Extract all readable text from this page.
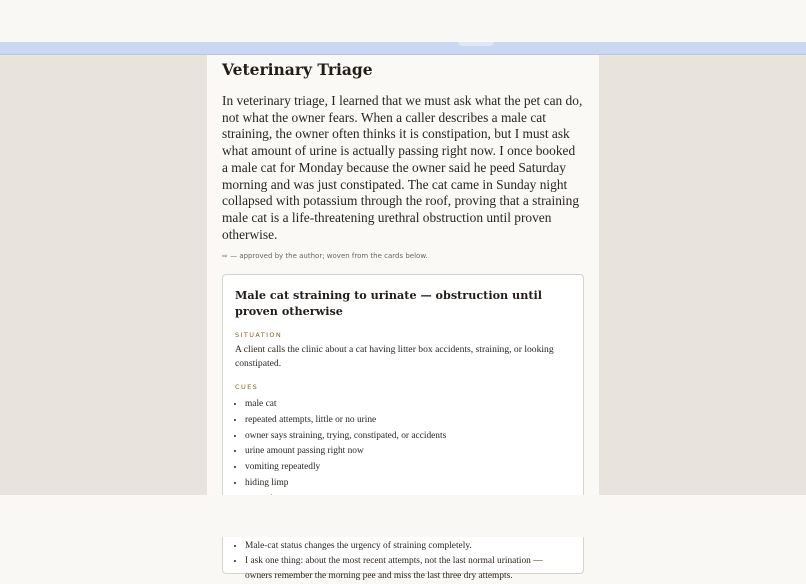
Veterinary Triage

In veterinary triage, I learned that we must ask what the pet can do, not what the owner fears. When a caller describes a male cat straining, the owner often thinks it is constipation, but I must ask what amount of urine is actually passing right now. I once booked a male cat for Monday because the owner said he peed Saturday morning and was just constipated. The cat came in Sunday night collapsed with potassium through the roof, proving that a straining male cat is a life-threatening urethral obstruction until proven otherwise.

⇨ — approved by the author; woven from the cards below.
Male cat straining to urinate — obstruction until proven otherwise
SITUATION
A client calls the clinic about a cat having litter box accidents, straining, or looking constipated.
CUES
• male cat
• repeated attempts, little or no urine
• owner says straining, trying, constipated, or accidents
• urine amount passing right now
• vomiting repeatedly
• hiding limp
•
•
•
• Male-cat status changes the urgency of straining completely.
• I ask one thing: about the most recent attempts, not the last normal urination — owners remember the morning pee and miss the last three dry attempts.
